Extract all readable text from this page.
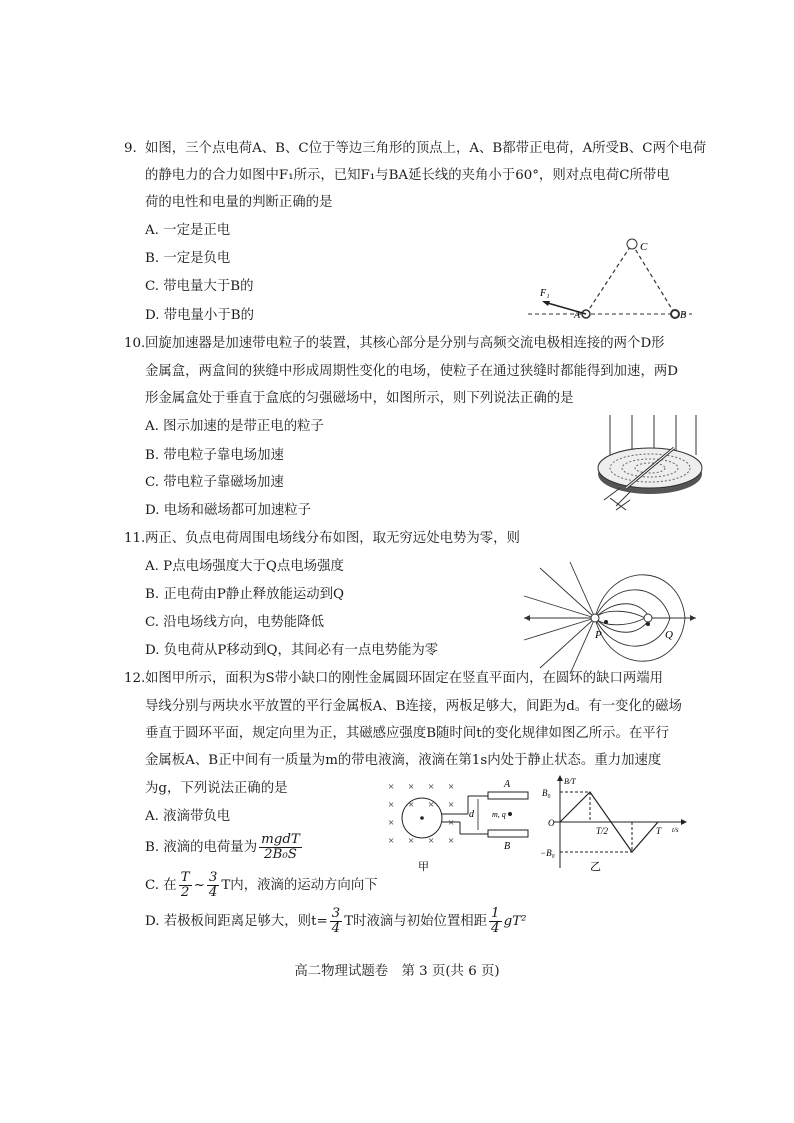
9. 如图，三个点电荷A、B、C位于等边三角形的顶点上，A、B都带正电荷，A所受B、C两个电荷
的静电力的合力如图中F₁所示，已知F₁与BA延长线的夹角小于60°，则对点电荷C所带电
荷的电性和电量的判断正确的是
A. 一定是正电
B. 一定是负电
C. 带电量大于B的
D. 带电量小于B的
C
A	B
F₁
10. 回旋加速器是加速带电粒子的装置，其核心部分是分别与高频交流电极相连接的两个D形
金属盒，两盒间的狭缝中形成周期性变化的电场，使粒子在通过狭缝时都能得到加速，两D
形金属盒处于垂直于盒底的匀强磁场中，如图所示，则下列说法正确的是
A. 图示加速的是带正电的粒子
B. 带电粒子靠电场加速
C. 带电粒子靠磁场加速
D. 电场和磁场都可加速粒子
11. 两正、负点电荷周围电场线分布如图，取无穷远处电势为零，则
A. P点电场强度大于Q点电场强度
B. 正电荷由P静止释放能运动到Q
C. 沿电场线方向，电势能降低
D. 负电荷从P移动到Q，其间必有一点电势能为零
P	Q
12. 如图甲所示，面积为S带小缺口的刚性金属圆环固定在竖直平面内，在圆环的缺口两端用
导线分别与两块水平放置的平行金属板A、B连接，两板足够大，间距为d。有一变化的磁场
垂直于圆环平面，规定向里为正，其磁感应强度B随时间t的变化规律如图乙所示。在平行
金属板A、B正中间有一质量为m的带电液滴，液滴在第1s内处于静止状态。重力加速度
为g，下列说法正确的是
A. 液滴带负电
B. 液滴的电荷量为 $\frac{\text{mgdT}}{\text{2B₀S}}$
C. 在 $\frac{T}{2}$ ~ $\frac{3}{4}$ T内，液滴的运动方向向下
D. 若极板间距离足够大，则$t= \frac{3}{4}$ T时液滴与初始位置相距 $\frac{1}{4} gT^2$
× × × ×
× × × ×
×	×
× × × ×
A
B
d m, q
甲
B/T
B₀
−B₀
O
T/2	T t/s
乙
高二物理试题卷　第 3 页(共 6 页)
